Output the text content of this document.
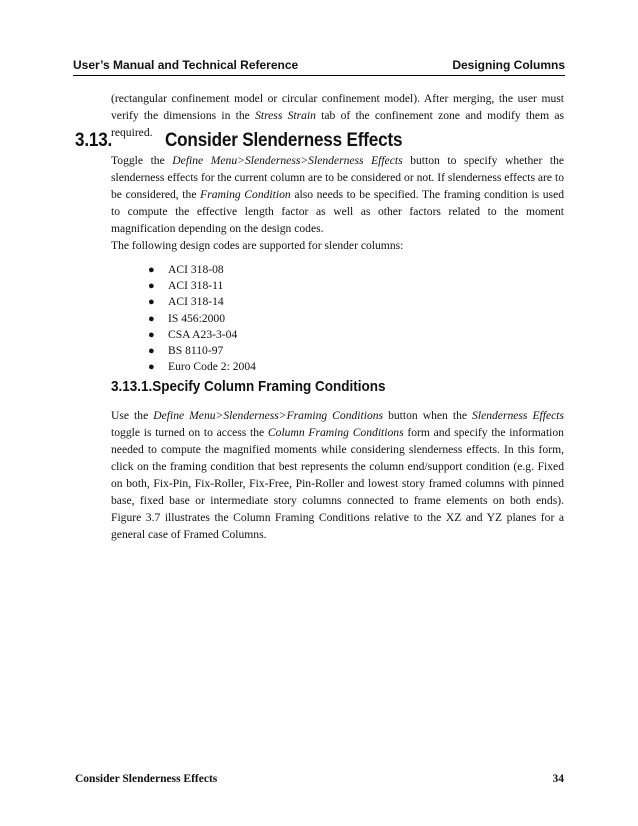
User’s Manual and Technical Reference	Designing Columns
(rectangular confinement model or circular confinement model). After merging, the user must verify the dimensions in the Stress Strain tab of the confinement zone and modify them as required.
3.13.	Consider Slenderness Effects
Toggle the Define Menu>Slenderness>Slenderness Effects button to specify whether the slenderness effects for the current column are to be considered or not. If slenderness effects are to be considered, the Framing Condition also needs to be specified. The framing condition is used to compute the effective length factor as well as other factors related to the moment magnification depending on the design codes.
The following design codes are supported for slender columns:
●	ACI 318-08
●	ACI 318-11
●	ACI 318-14
●	IS 456:2000
●	CSA A23-3-04
●	BS 8110-97
●	Euro Code 2: 2004
3.13.1.Specify Column Framing Conditions
Use the Define Menu>Slenderness>Framing Conditions button when the Slenderness Effects toggle is turned on to access the Column Framing Conditions form and specify the information needed to compute the magnified moments while considering slenderness effects. In this form, click on the framing condition that best represents the column end/support condition (e.g. Fixed on both, Fix-Pin, Fix-Roller, Fix-Free, Pin-Roller and lowest story framed columns with pinned base, fixed base or intermediate story columns connected to frame elements on both ends). Figure 3.7 illustrates the Column Framing Conditions relative to the XZ and YZ planes for a general case of Framed Columns.
Consider Slenderness Effects	34
